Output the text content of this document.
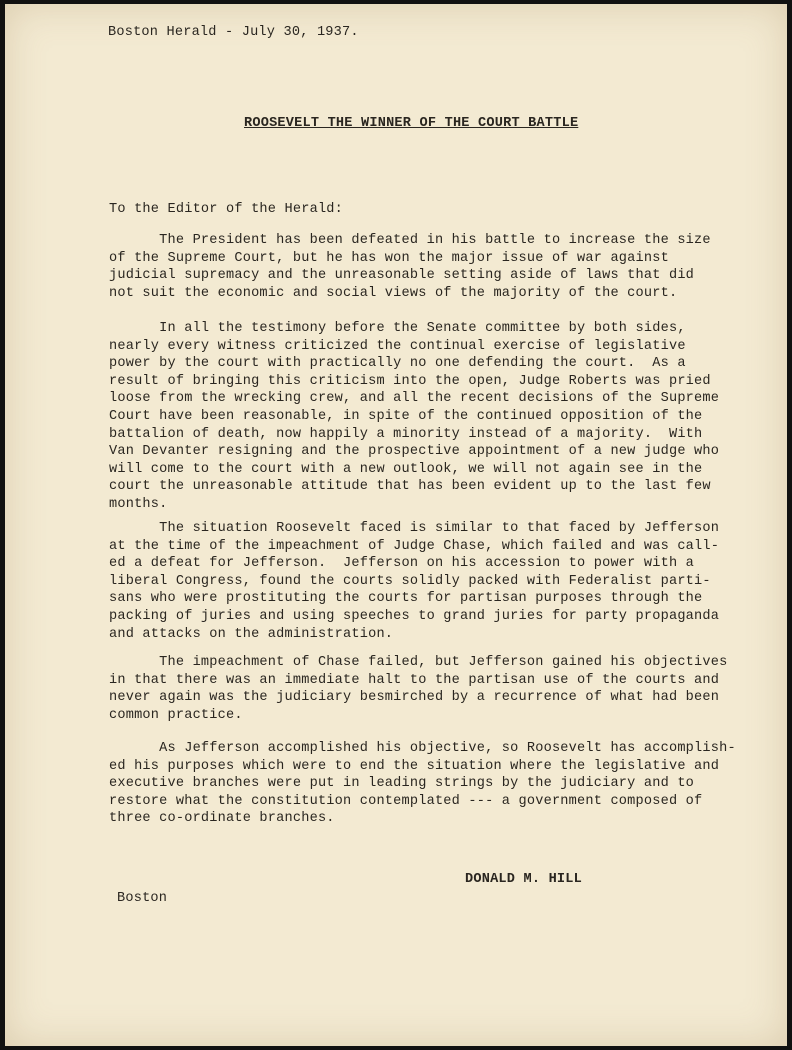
Boston Herald - July 30, 1937.

ROOSEVELT THE WINNER OF THE COURT BATTLE

To the Editor of the Herald:

The President has been defeated in his battle to increase the size
of the Supreme Court, but he has won the major issue of war against
judicial supremacy and the unreasonable setting aside of laws that did
not suit the economic and social views of the majority of the court.

In all the testimony before the Senate committee by both sides,
nearly every witness criticized the continual exercise of legislative
power by the court with practically no one defending the court.  As a
result of bringing this criticism into the open, Judge Roberts was pried
loose from the wrecking crew, and all the recent decisions of the Supreme
Court have been reasonable, in spite of the continued opposition of the
battalion of death, now happily a minority instead of a majority.  With
Van Devanter resigning and the prospective appointment of a new judge who
will come to the court with a new outlook, we will not again see in the
court the unreasonable attitude that has been evident up to the last few
months.

The situation Roosevelt faced is similar to that faced by Jefferson
at the time of the impeachment of Judge Chase, which failed and was call-
ed a defeat for Jefferson.  Jefferson on his accession to power with a
liberal Congress, found the courts solidly packed with Federalist parti-
sans who were prostituting the courts for partisan purposes through the
packing of juries and using speeches to grand juries for party propaganda
and attacks on the administration.

The impeachment of Chase failed, but Jefferson gained his objectives
in that there was an immediate halt to the partisan use of the courts and
never again was the judiciary besmirched by a recurrence of what had been
common practice.

As Jefferson accomplished his objective, so Roosevelt has accomplish-
ed his purposes which were to end the situation where the legislative and
executive branches were put in leading strings by the judiciary and to
restore what the constitution contemplated --- a government composed of
three co-ordinate branches.

DONALD M. HILL

Boston
